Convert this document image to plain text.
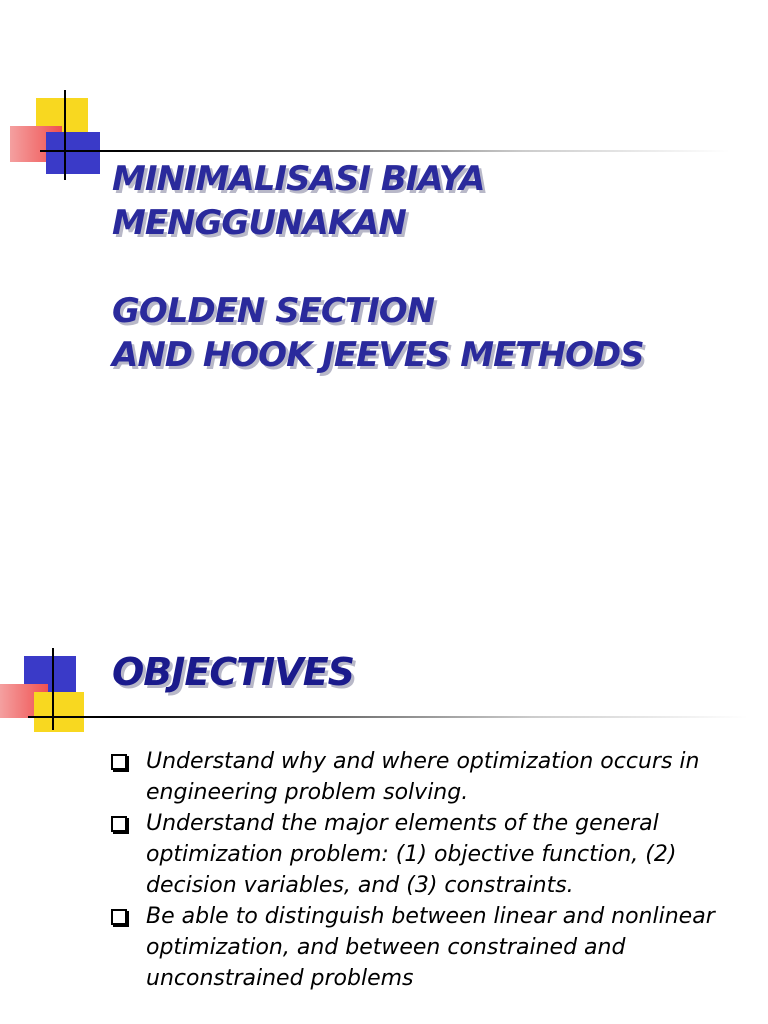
MINIMALISASI BIAYA
MENGGUNAKAN
GOLDEN SECTION
AND HOOK JEEVES METHODS
OBJECTIVES
Understand why and where optimization occurs in engineering problem solving.
Understand the major elements of the general optimization problem: (1) objective function, (2) decision variables, and (3) constraints.
Be able to distinguish between linear and nonlinear optimization, and between constrained and unconstrained problems
